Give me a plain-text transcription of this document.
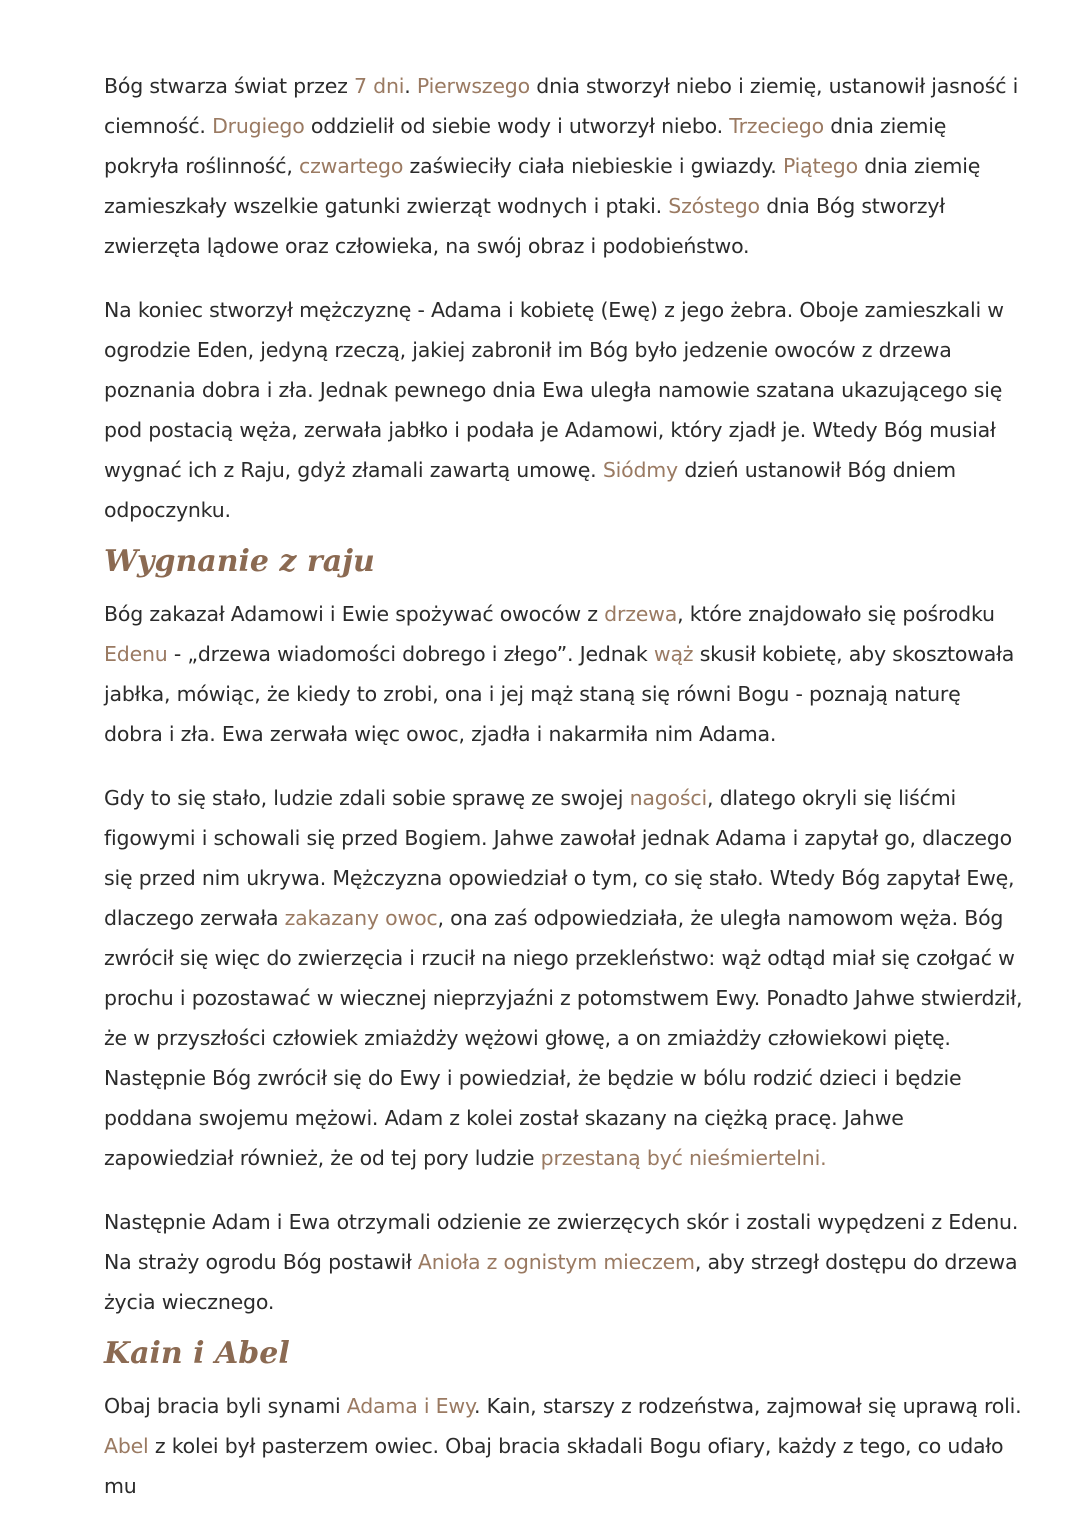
Bóg stwarza świat przez 7 dni. Pierwszego dnia stworzył niebo i ziemię, ustanowił jasność i ciemność. Drugiego oddzielił od siebie wody i utworzył niebo. Trzeciego dnia ziemię pokryła roślinność, czwartego zaświeciły ciała niebieskie i gwiazdy. Piątego dnia ziemię zamieszkały wszelkie gatunki zwierząt wodnych i ptaki. Szóstego dnia Bóg stworzył zwierzęta lądowe oraz człowieka, na swój obraz i podobieństwo.

Na koniec stworzył mężczyznę - Adama i kobietę (Ewę) z jego żebra. Oboje zamieszkali w ogrodzie Eden, jedyną rzeczą, jakiej zabronił im Bóg było jedzenie owoców z drzewa poznania dobra i zła. Jednak pewnego dnia Ewa uległa namowie szatana ukazującego się pod postacią węża, zerwała jabłko i podała je Adamowi, który zjadł je. Wtedy Bóg musiał wygnać ich z Raju, gdyż złamali zawartą umowę. Siódmy dzień ustanowił Bóg dniem odpoczynku.

Wygnanie z raju

Bóg zakazał Adamowi i Ewie spożywać owoców z drzewa, które znajdowało się pośrodku Edenu - „drzewa wiadomości dobrego i złego”. Jednak wąż skusił kobietę, aby skosztowała jabłka, mówiąc, że kiedy to zrobi, ona i jej mąż staną się równi Bogu - poznają naturę dobra i zła. Ewa zerwała więc owoc, zjadła i nakarmiła nim Adama.

Gdy to się stało, ludzie zdali sobie sprawę ze swojej nagości, dlatego okryli się liśćmi figowymi i schowali się przed Bogiem. Jahwe zawołał jednak Adama i zapytał go, dlaczego się przed nim ukrywa. Mężczyzna opowiedział o tym, co się stało. Wtedy Bóg zapytał Ewę, dlaczego zerwała zakazany owoc, ona zaś odpowiedziała, że uległa namowom węża. Bóg zwrócił się więc do zwierzęcia i rzucił na niego przekleństwo: wąż odtąd miał się czołgać w prochu i pozostawać w wiecznej nieprzyjaźni z potomstwem Ewy. Ponadto Jahwe stwierdził, że w przyszłości człowiek zmiażdży wężowi głowę, a on zmiażdży człowiekowi piętę. Następnie Bóg zwrócił się do Ewy i powiedział, że będzie w bólu rodzić dzieci i będzie poddana swojemu mężowi. Adam z kolei został skazany na ciężką pracę. Jahwe zapowiedział również, że od tej pory ludzie przestaną być nieśmiertelni.

Następnie Adam i Ewa otrzymali odzienie ze zwierzęcych skór i zostali wypędzeni z Edenu. Na straży ogrodu Bóg postawił Anioła z ognistym mieczem, aby strzegł dostępu do drzewa życia wiecznego.

Kain i Abel

Obaj bracia byli synami Adama i Ewy. Kain, starszy z rodzeństwa, zajmował się uprawą roli. Abel z kolei był pasterzem owiec. Obaj bracia składali Bogu ofiary, każdy z tego, co udało mu
